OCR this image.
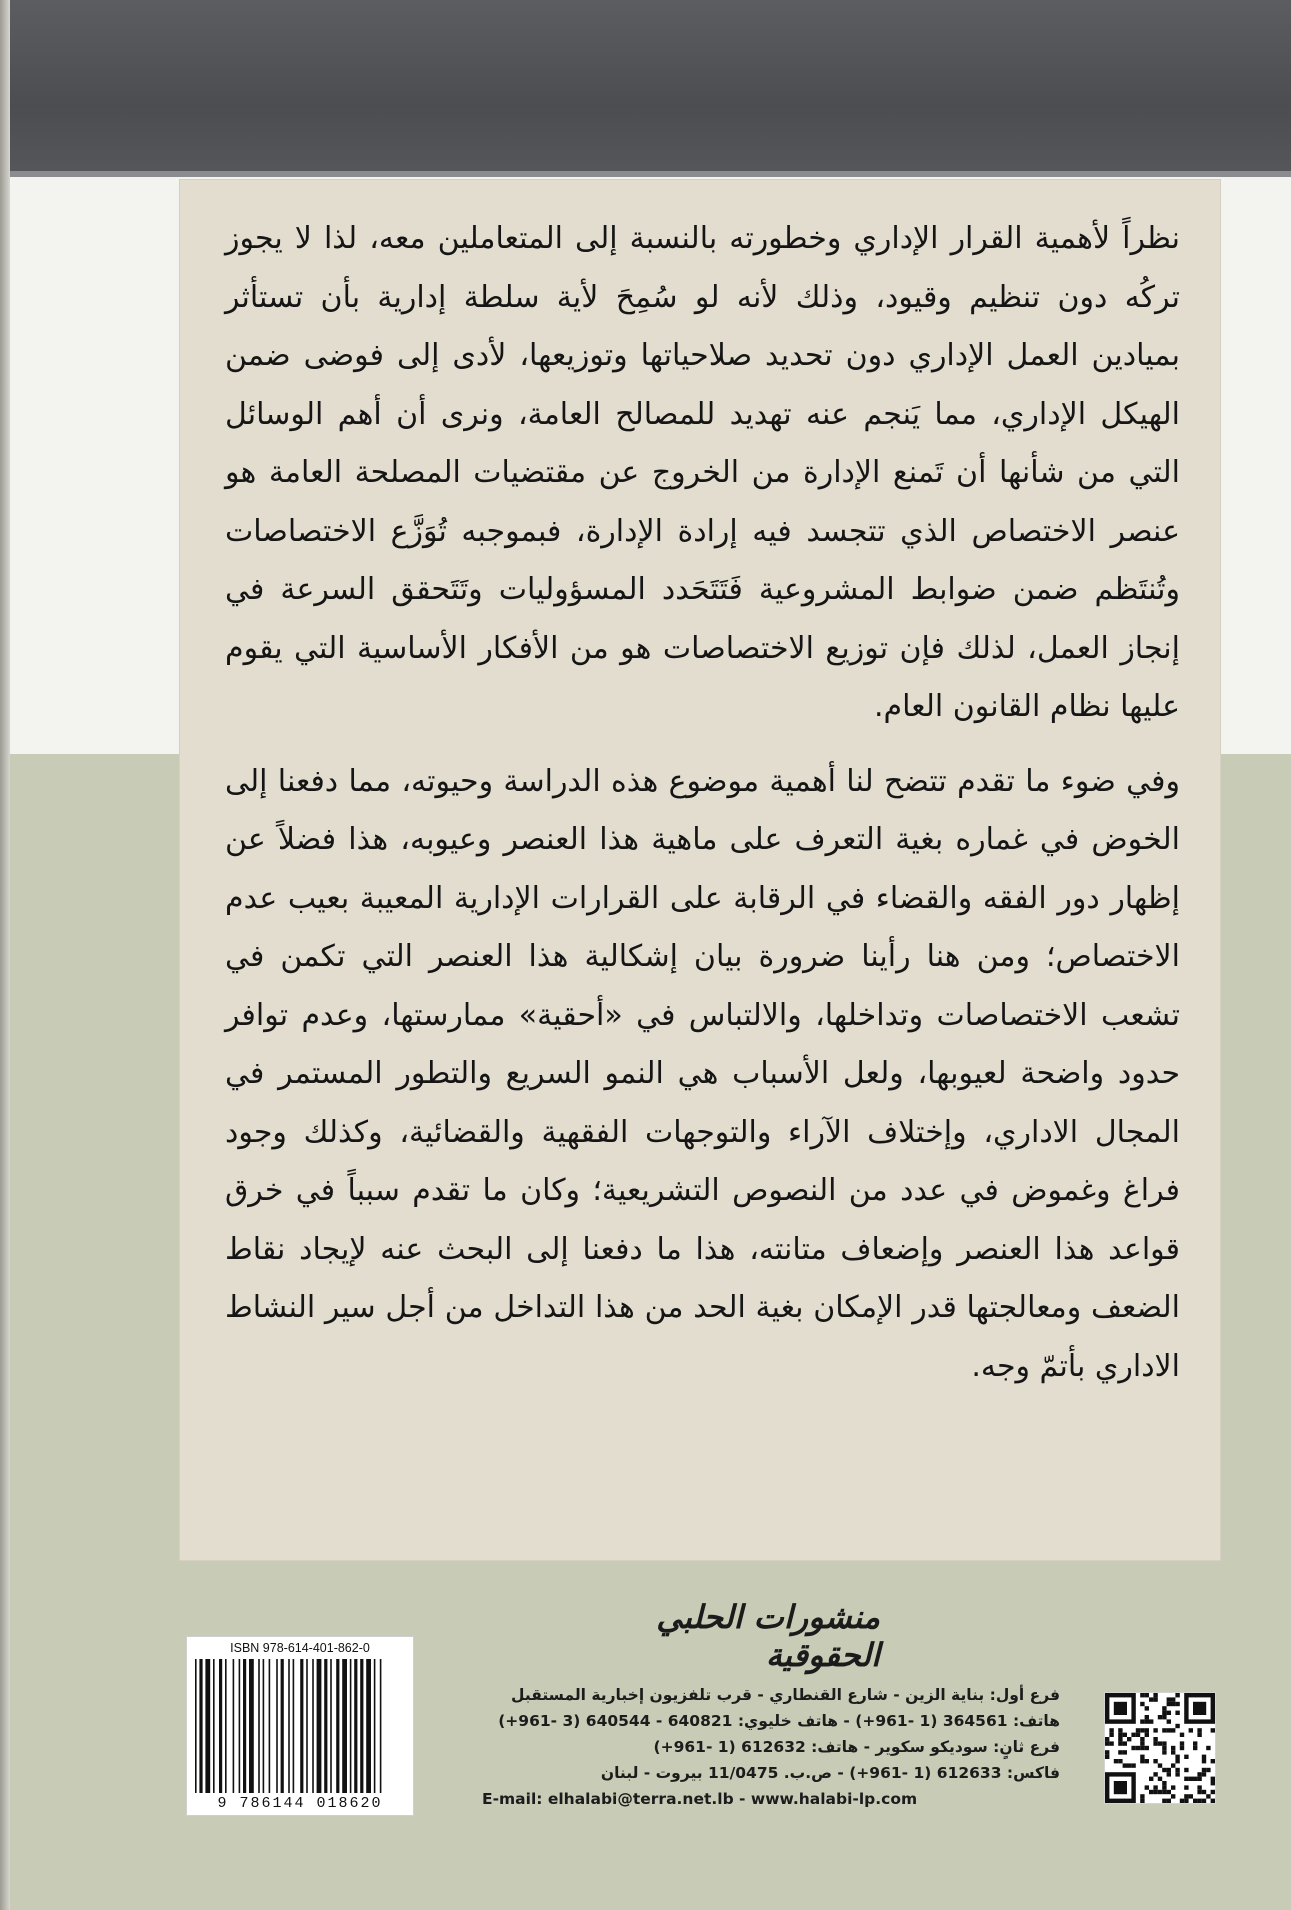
نظراً لأهمية القرار الإداري وخطورته بالنسبة إلى المتعاملين معه، لذا لا يجوز تركُه دون تنظيم وقيود، وذلك لأنه لو سُمِحَ لأية سلطة إدارية بأن تستأثر بميادين العمل الإداري دون تحديد صلاحياتها وتوزيعها، لأدى إلى فوضى ضمن الهيكل الإداري، مما يَنجم عنه تهديد للمصالح العامة، ونرى أن أهم الوسائل التي من شأنها أن تَمنع الإدارة من الخروج عن مقتضيات المصلحة العامة هو عنصر الاختصاص الذي تتجسد فيه إرادة الإدارة، فبموجبه تُوَزَّع الاختصاصات وتُنتَظم ضمن ضوابط المشروعية فَتَتَحَدد المسؤوليات وتَتَحقق السرعة في إنجاز العمل، لذلك فإن توزيع الاختصاصات هو من الأفكار الأساسية التي يقوم عليها نظام القانون العام.

وفي ضوء ما تقدم تتضح لنا أهمية موضوع هذه الدراسة وحيوته، مما دفعنا إلى الخوض في غماره بغية التعرف على ماهية هذا العنصر وعيوبه، هذا فضلاً عن إظهار دور الفقه والقضاء في الرقابة على القرارات الإدارية المعيبة بعيب عدم الاختصاص؛ ومن هنا رأينا ضرورة بيان إشكالية هذا العنصر التي تكمن في تشعب الاختصاصات وتداخلها، والالتباس في «أحقية» ممارستها، وعدم توافر حدود واضحة لعيوبها، ولعل الأسباب هي النمو السريع والتطور المستمر في المجال الاداري، وإختلاف الآراء والتوجهات الفقهية والقضائية، وكذلك وجود فراغ وغموض في عدد من النصوص التشريعية؛ وكان ما تقدم سبباً في خرق قواعد هذا العنصر وإضعاف متانته، هذا ما دفعنا إلى البحث عنه لإيجاد نقاط الضعف ومعالجتها قدر الإمكان بغية الحد من هذا التداخل من أجل سير النشاط الاداري بأتمّ وجه.

ISBN 978-614-401-862-0
9 786144 018620
منشورات الحلبي الحقوقية
فرع أول: بناية الزين - شارع القنطاري - قرب تلفزيون إخبارية المستقبل
هاتف: 364561 (1 -961+) - هاتف خليوي: 640821 - 640544 (3 -961+)
فرع ثانٍ: سوديكو سكوير - هاتف: 612632 (1 -961+)
فاكس: 612633 (1 -961+) - ص.ب. 11/0475 بيروت - لبنان
E-mail: elhalabi@terra.net.lb - www.halabi-lp.com
